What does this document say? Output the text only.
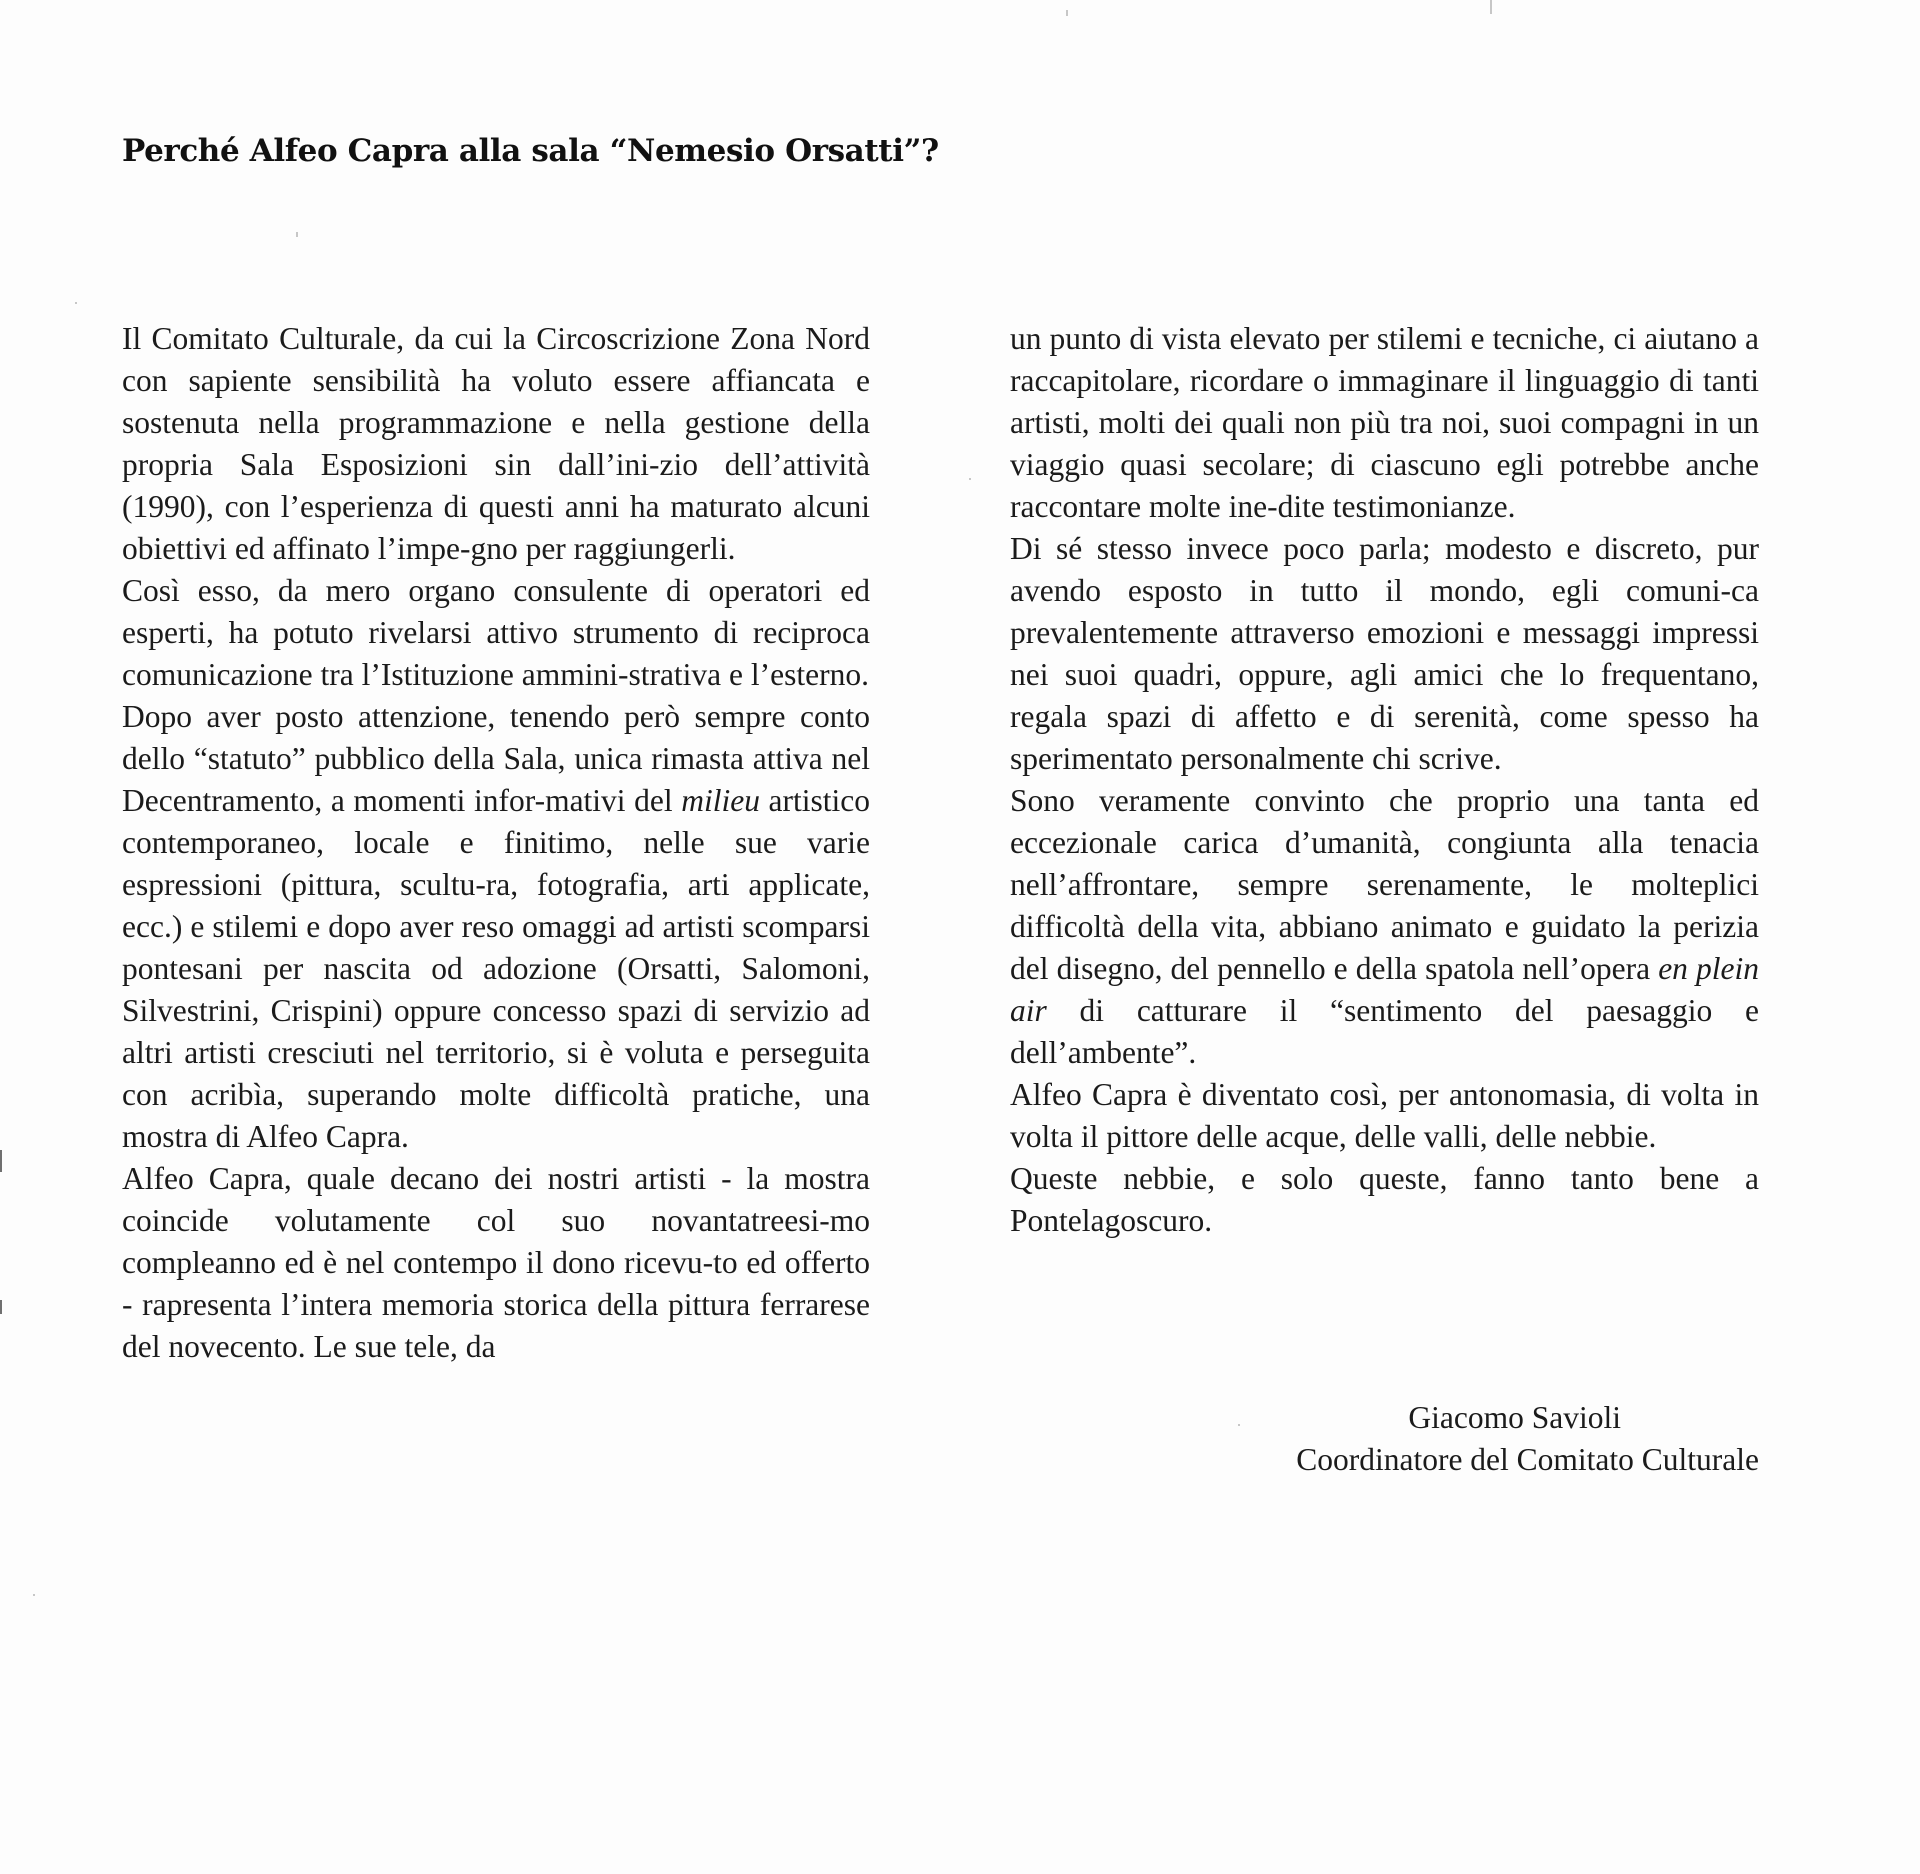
Perché Alfeo Capra alla sala “Nemesio Orsatti”?

Il Comitato Culturale, da cui la Circoscrizione Zona Nord con sapiente sensibilità ha voluto essere affiancata e sostenuta nella programmazione e nella gestione della propria Sala Esposizioni sin dall’ini-zio dell’attività (1990), con l’esperienza di questi anni ha maturato alcuni obiettivi ed affinato l’impe-gno per raggiungerli.

Così esso, da mero organo consulente di operatori ed esperti, ha potuto rivelarsi attivo strumento di reciproca comunicazione tra l’Istituzione ammini-strativa e l’esterno.

Dopo aver posto attenzione, tenendo però sempre conto dello “statuto” pubblico della Sala, unica rimasta attiva nel Decentramento, a momenti infor-mativi del milieu artistico contemporaneo, locale e finitimo, nelle sue varie espressioni (pittura, scultu-ra, fotografia, arti applicate, ecc.) e stilemi e dopo aver reso omaggi ad artisti scomparsi pontesani per nascita od adozione (Orsatti, Salomoni, Silvestrini, Crispini) oppure concesso spazi di servizio ad altri artisti cresciuti nel territorio, si è voluta e perseguita con acribìa, superando molte difficoltà pratiche, una mostra di Alfeo Capra.

Alfeo Capra, quale decano dei nostri artisti - la mostra coincide volutamente col suo novantatreesi-mo compleanno ed è nel contempo il dono ricevu-to ed offerto - rapresenta l’intera memoria storica della pittura ferrarese del novecento. Le sue tele, da

un punto di vista elevato per stilemi e tecniche, ci aiutano a raccapitolare, ricordare o immaginare il linguaggio di tanti artisti, molti dei quali non più tra noi, suoi compagni in un viaggio quasi secolare; di ciascuno egli potrebbe anche raccontare molte ine-dite testimonianze.

Di sé stesso invece poco parla; modesto e discreto, pur avendo esposto in tutto il mondo, egli comuni-ca prevalentemente attraverso emozioni e messaggi impressi nei suoi quadri, oppure, agli amici che lo frequentano, regala spazi di affetto e di serenità, come spesso ha sperimentato personalmente chi scrive.

Sono veramente convinto che proprio una tanta ed eccezionale carica d’umanità, congiunta alla tenacia nell’affrontare, sempre serenamente, le molteplici difficoltà della vita, abbiano animato e guidato la perizia del disegno, del pennello e della spatola nell’opera en plein air di catturare il “sentimento del paesaggio e dell’ambente”.

Alfeo Capra è diventato così, per antonomasia, di volta in volta il pittore delle acque, delle valli, delle nebbie.

Queste nebbie, e solo queste, fanno tanto bene a Pontelagoscuro.

Giacomo Savioli
Coordinatore del Comitato Culturale
